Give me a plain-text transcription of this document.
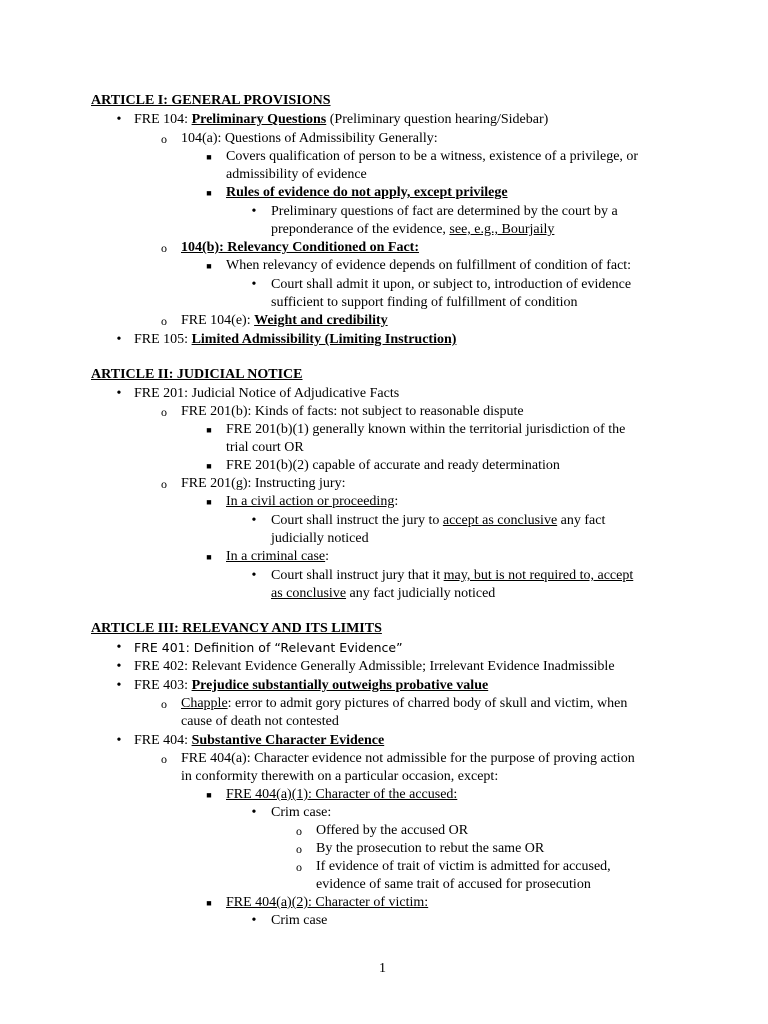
ARTICLE I: GENERAL PROVISIONS
• FRE 104: Preliminary Questions (Preliminary question hearing/Sidebar)
o 104(a): Questions of Admissibility Generally:
■	Covers qualification of person to be a witness, existence of a privilege, or
admissibility of evidence
■	Rules of evidence do not apply, except privilege
•	Preliminary questions of fact are determined by the court by a
preponderance of the evidence, see, e.g., Bourjaily
o 104(b): Relevancy Conditioned on Fact:
■	When relevancy of evidence depends on fulfillment of condition of fact:
•	Court shall admit it upon, or subject to, introduction of evidence
sufficient to support finding of fulfillment of condition
o FRE 104(e): Weight and credibility
• FRE 105: Limited Admissibility (Limiting Instruction)
ARTICLE II: JUDICIAL NOTICE
• FRE 201: Judicial Notice of Adjudicative Facts
o FRE 201(b): Kinds of facts: not subject to reasonable dispute
■	FRE 201(b)(1) generally known within the territorial jurisdiction of the
trial court OR
■	FRE 201(b)(2) capable of accurate and ready determination
o FRE 201(g): Instructing jury:
■	In a civil action or proceeding:
•	Court shall instruct the jury to accept as conclusive any fact
judicially noticed
■	In a criminal case:
•	Court shall instruct jury that it may, but is not required to, accept
as conclusive any fact judicially noticed
ARTICLE III: RELEVANCY AND ITS LIMITS
•	FRE 401: Definition of “Relevant Evidence”
• FRE 402: Relevant Evidence Generally Admissible; Irrelevant Evidence Inadmissible
• FRE 403: Prejudice substantially outweighs probative value
o Chapple: error to admit gory pictures of charred body of skull and victim, when
cause of death not contested
• FRE 404: Substantive Character Evidence
o FRE 404(a): Character evidence not admissible for the purpose of proving action
in conformity therewith on a particular occasion, except:
■	FRE 404(a)(1): Character of the accused:
•	Crim case:
o Offered by the accused OR
o By the prosecution to rebut the same OR
o If evidence of trait of victim is admitted for accused,
evidence of same trait of accused for prosecution
■	FRE 404(a)(2): Character of victim:
•	Crim case
1
